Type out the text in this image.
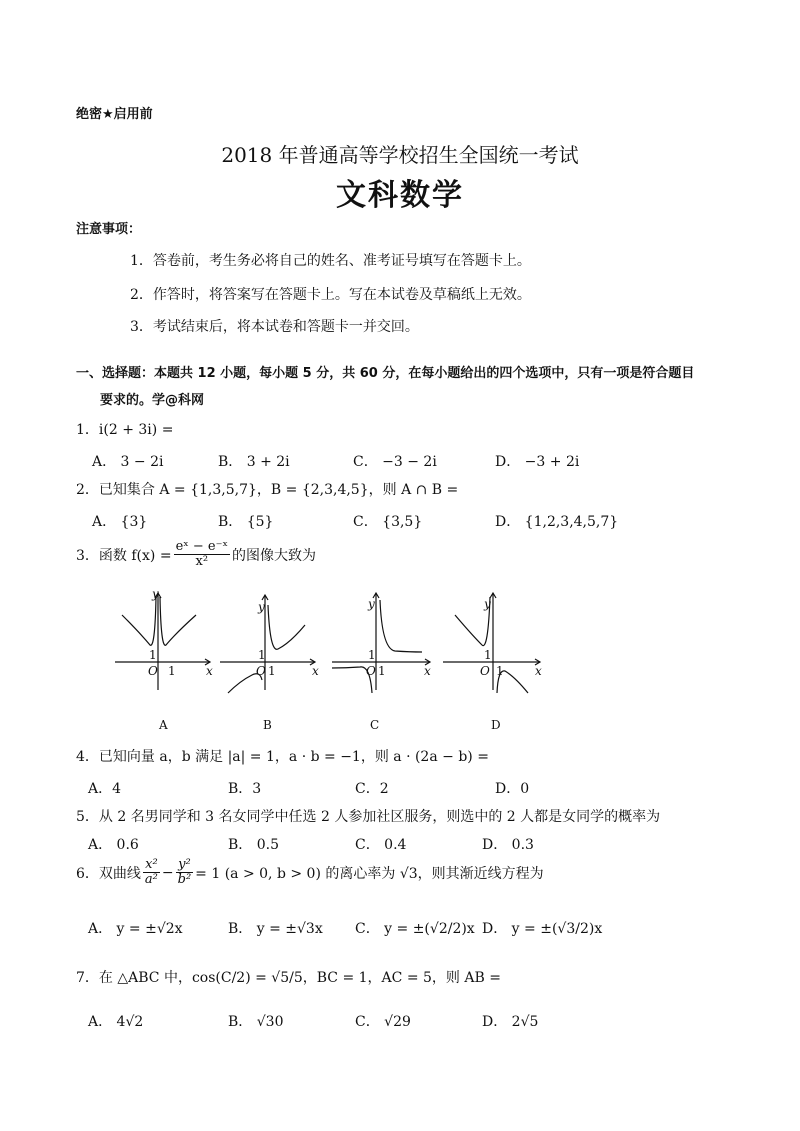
绝密★启用前
2018 年普通高等学校招生全国统一考试
文科数学
注意事项：
1．答卷前，考生务必将自己的姓名、准考证号填写在答题卡上。
2．作答时，将答案写在答题卡上。写在本试卷及草稿纸上无效。
3．考试结束后，将本试卷和答题卡一并交回。
一、选择题：本题共 12 小题，每小题 5 分，共 60 分，在每小题给出的四个选项中，只有一项是符合题目
要求的。学@科网
1．i(2 + 3i) =
A． 3 − 2i	B． 3 + 2i	C． −3 − 2i	D． −3 + 2i
2．已知集合 A = {1,3,5,7}，B = {2,3,4,5}，则 A ∩ B =
A． {3}	B． {5}	C． {3,5}	D． {1,2,3,4,5,7}
3． 函数 $f(x) = \frac{\text{eˣ − e⁻ˣ}}{\text{x²}}$ 的图像大致为
y
x
O
1
1
y
x
O
1
1
y
x
O
1
1
y
x
O
1
1
A	B	C	D
4．已知向量 a，b 满足 |a| = 1，a · b = −1，则 a · (2a − b) =
A．4	B．3	C．2	D．0
5．从 2 名男同学和 3 名女同学中任选 2 人参加社区服务，则选中的 2 人都是女同学的概率为
A． 0.6	B． 0.5	C． 0.4	D． 0.3
6． 双曲线 $\frac{\text{x²}}{\text{a²}} - \frac{\text{y²}}{\text{b²}} = 1$ (a > 0, b > 0) 的离心率为 √3，则其渐近线方程为
A． y = ±√2x	B． y = ±√3x C． y = ±(√2/2)x D． y = ±(√3/2)x
7．在 △ABC 中，cos(C/2) = √5/5，BC = 1，AC = 5，则 AB =
A． 4√2	B． √30	C． √29	D． 2√5
